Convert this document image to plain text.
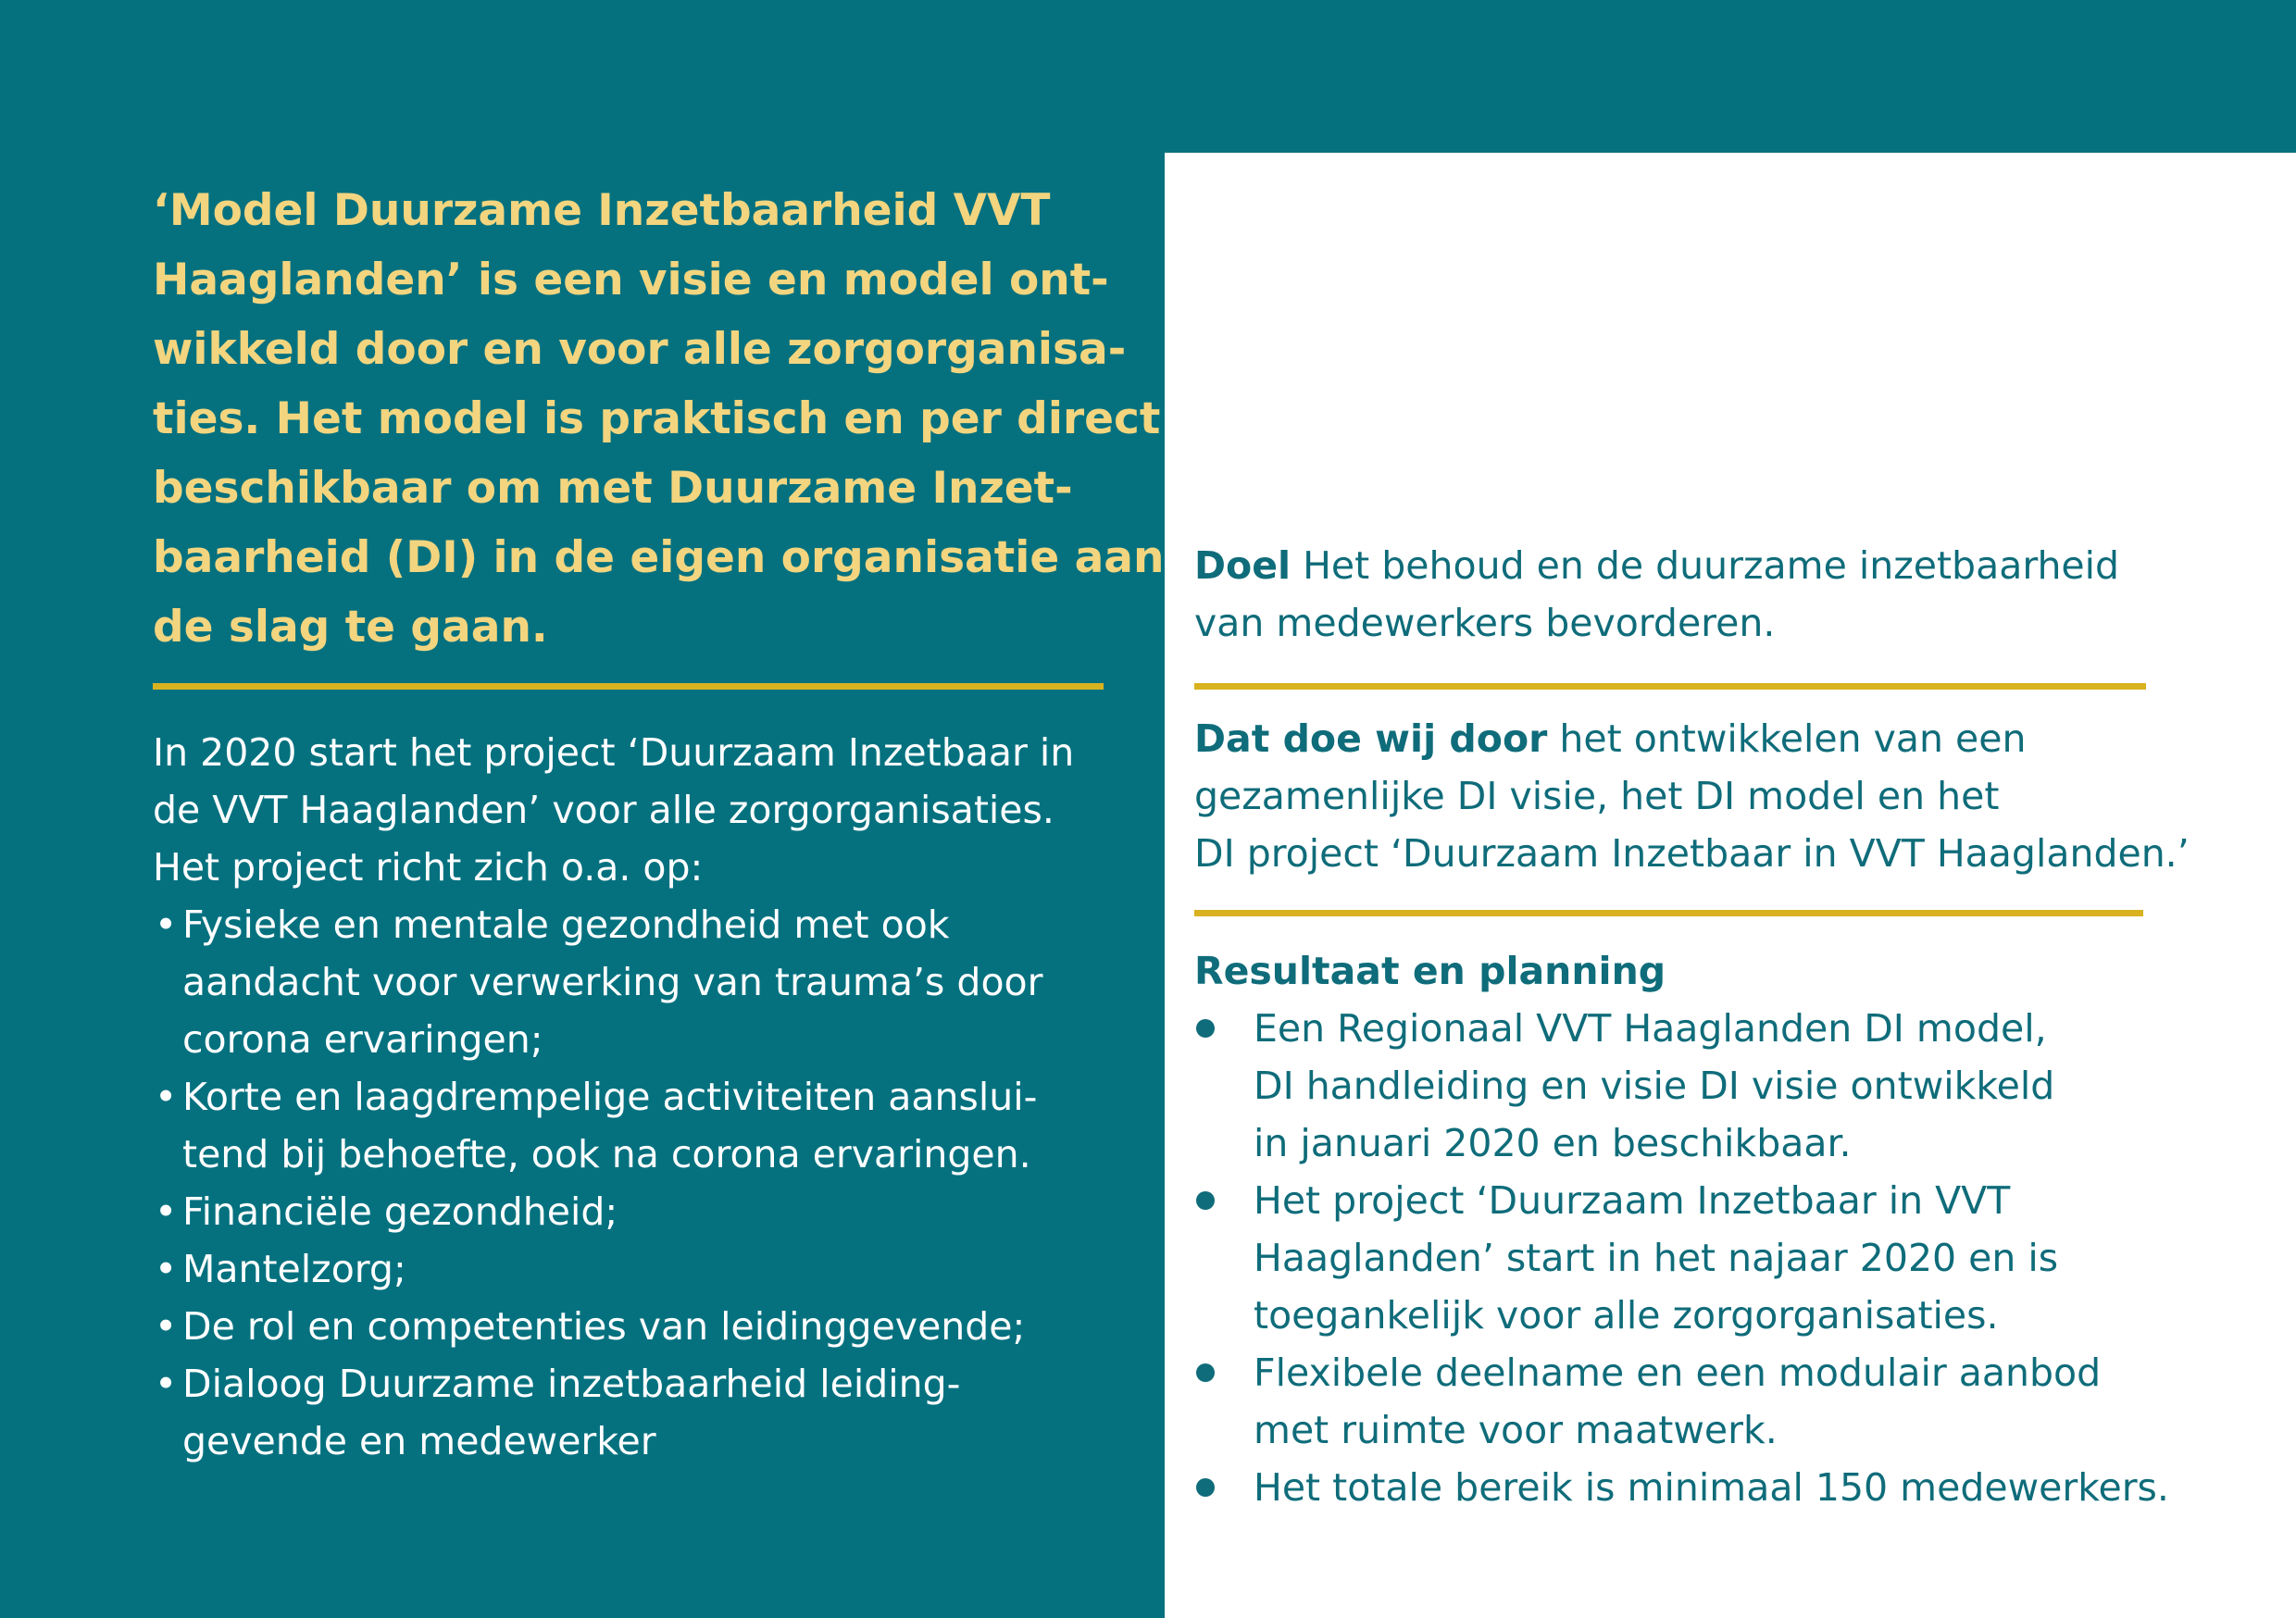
‘Model Duurzame Inzetbaarheid VVT
Haaglanden’ is een visie en model ont-
wikkeld door en voor alle zorgorganisa-
ties. Het model is praktisch en per direct
beschikbaar om met Duurzame Inzet-
baarheid (DI) in de eigen organisatie aan
de slag te gaan.

In 2020 start het project ‘Duurzaam Inzetbaar in
de VVT Haaglanden’ voor alle zorgorganisaties.
Het project richt zich o.a. op:
• Fysieke en mentale gezondheid met ook
aandacht voor verwerking van trauma’s door
corona ervaringen;
• Korte en laagdrempelige activiteiten aanslui-
tend bij behoefte, ook na corona ervaringen.
• Financiële gezondheid;
• Mantelzorg;
• De rol en competenties van leidinggevende;
• Dialoog Duurzame inzetbaarheid leiding-
gevende en medewerker
Doel Het behoud en de duurzame inzetbaarheid
van medewerkers bevorderen.
Dat doe wij door het ontwikkelen van een
gezamenlijke DI visie, het DI model en het
DI project ‘Duurzaam Inzetbaar in VVT Haaglanden.’
Resultaat en planning
Een Regionaal VVT Haaglanden DI model,
DI handleiding en visie DI visie ontwikkeld
in januari 2020 en beschikbaar.
Het project ‘Duurzaam Inzetbaar in VVT
Haaglanden’ start in het najaar 2020 en is
toegankelijk voor alle zorgorganisaties.
Flexibele deelname en een modulair aanbod
met ruimte voor maatwerk.
Het totale bereik is minimaal 150 medewerkers.
